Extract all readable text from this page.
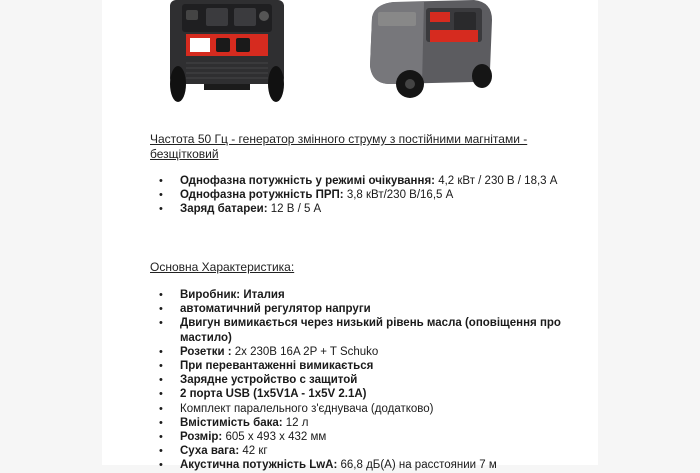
Частота 50 Гц - генератор змінного струму з постійними магнітами - безщітковий

• Однофазна потужність у режимі очікування: 4,2 кВт / 230 В / 18,3 А
• Однофазна ротужність ПРП: 3,8 кВт/230 В/16,5 А
• Заряд батареи: 12 В / 5 А

Основна Характеристика:

• Виробник: Италия
• автоматичний регулятор напруги
• Двигун вимикається через низький рівень масла (оповіщення про мастило)
• Розетки : 2x 230B 16A 2P + T Schuko
• При перевантаженні вимикається
• Зарядне устройство с защитой
• 2 порта USB (1x5V1A - 1x5V 2.1A)
• Комплект паралельного з'єднувача (додатково)
• Вмістимість бака: 12 л
• Розмір: 605 x 493 x 432 мм
• Суха вага: 42 кг
• Акустична потужність LwA: 66,8 дБ(А) на расстоянии 7 м
